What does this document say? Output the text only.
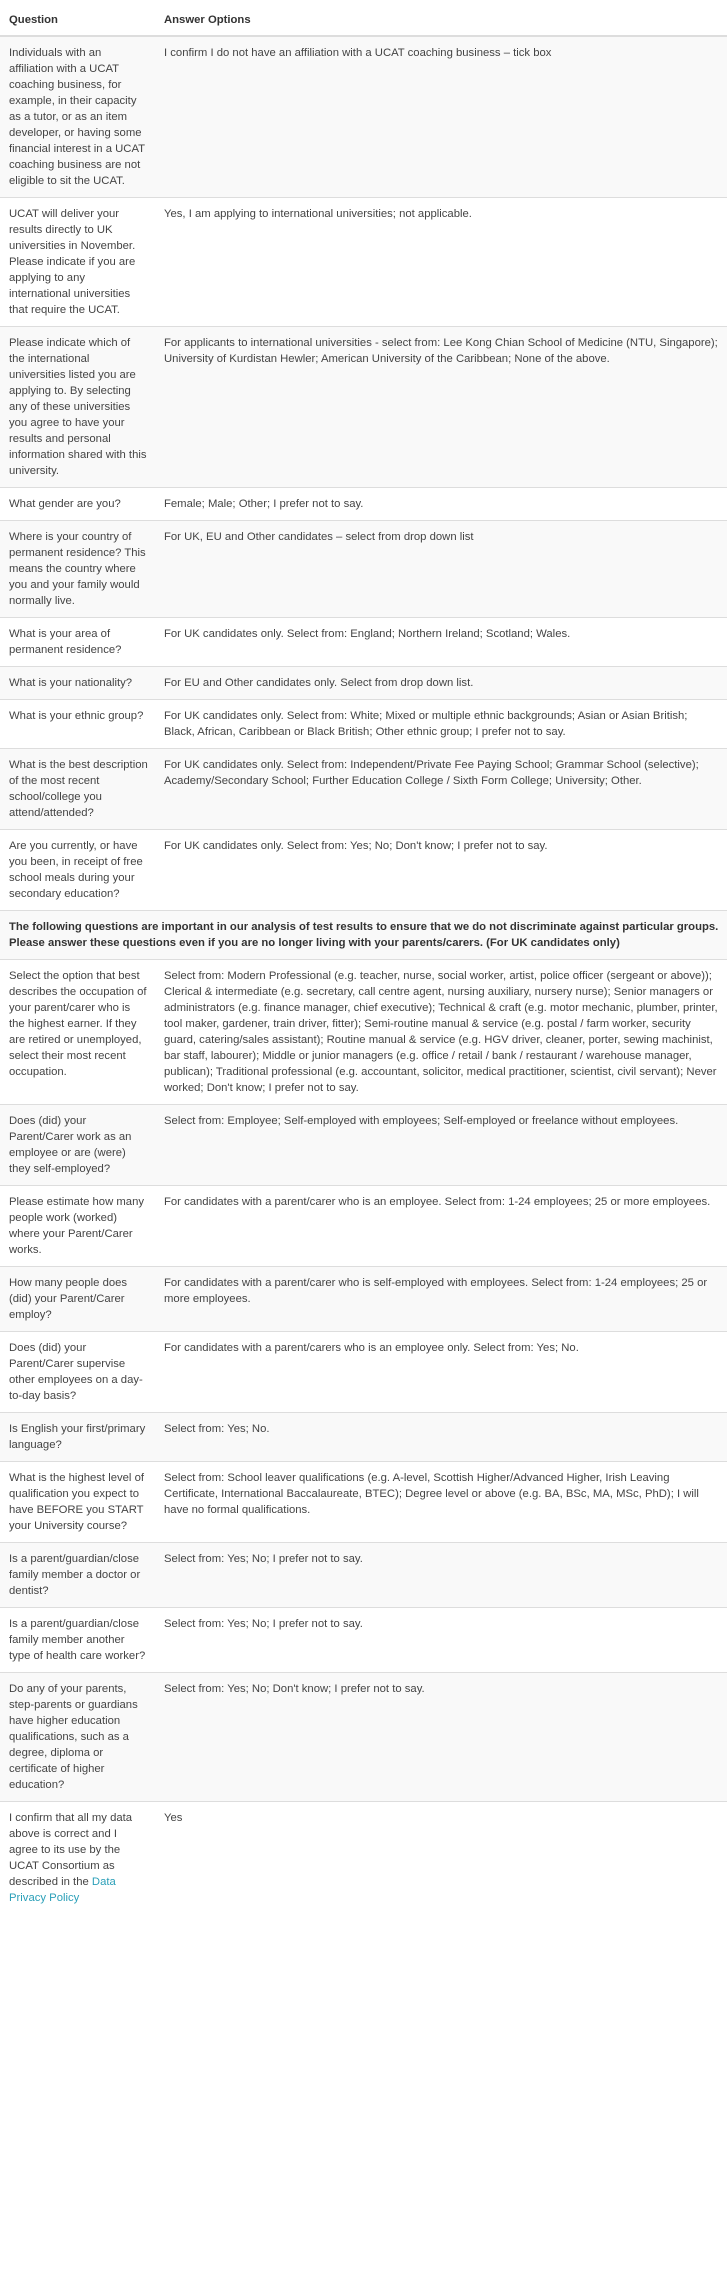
Question	Answer Options
Individuals with an affiliation with a UCAT coaching business, for example, in their capacity as a tutor, or as an item developer, or having some financial interest in a UCAT coaching business are not eligible to sit the UCAT.	I confirm I do not have an affiliation with a UCAT coaching business – tick box
UCAT will deliver your results directly to UK universities in November. Please indicate if you are applying to any international universities that require the UCAT.	Yes, I am applying to international universities; not applicable.
Please indicate which of the international universities listed you are applying to. By selecting any of these universities you agree to have your results and personal information shared with this university.	For applicants to international universities - select from: Lee Kong Chian School of Medicine (NTU, Singapore); University of Kurdistan Hewler; American University of the Caribbean; None of the above.
What gender are you?	Female; Male; Other; I prefer not to say.
Where is your country of permanent residence? This means the country where you and your family would normally live.	For UK, EU and Other candidates – select from drop down list
What is your area of permanent residence?	For UK candidates only. Select from: England; Northern Ireland; Scotland; Wales.
What is your nationality?	For EU and Other candidates only. Select from drop down list.
What is your ethnic group?	For UK candidates only. Select from: White; Mixed or multiple ethnic backgrounds; Asian or Asian British; Black, African, Caribbean or Black British; Other ethnic group; I prefer not to say.
What is the best description of the most recent school/college you attend/attended?	For UK candidates only. Select from: Independent/Private Fee Paying School; Grammar School (selective); Academy/Secondary School; Further Education College / Sixth Form College; University; Other.
Are you currently, or have you been, in receipt of free school meals during your secondary education?	For UK candidates only. Select from: Yes; No; Don't know; I prefer not to say.
The following questions are important in our analysis of test results to ensure that we do not discriminate against particular groups. Please answer these questions even if you are no longer living with your parents/carers. (For UK candidates only)	
Select the option that best describes the occupation of your parent/carer who is the highest earner. If they are retired or unemployed, select their most recent occupation.	Select from: Modern Professional (e.g. teacher, nurse, social worker, artist, police officer (sergeant or above)); Clerical & intermediate (e.g. secretary, call centre agent, nursing auxiliary, nursery nurse); Senior managers or administrators (e.g. finance manager, chief executive); Technical & craft (e.g. motor mechanic, plumber, printer, tool maker, gardener, train driver, fitter); Semi-routine manual & service (e.g. postal / farm worker, security guard, catering/sales assistant); Routine manual & service (e.g. HGV driver, cleaner, porter, sewing machinist, bar staff, labourer); Middle or junior managers (e.g. office / retail / bank / restaurant / warehouse manager, publican); Traditional professional (e.g. accountant, solicitor, medical practitioner, scientist, civil servant); Never worked; Don't know; I prefer not to say.
Does (did) your Parent/Carer work as an employee or are (were) they self-employed?	Select from: Employee; Self-employed with employees; Self-employed or freelance without employees.
Please estimate how many people work (worked) where your Parent/Carer works.	For candidates with a parent/carer who is an employee. Select from: 1-24 employees; 25 or more employees.
How many people does (did) your Parent/Carer employ?	For candidates with a parent/carer who is self-employed with employees. Select from: 1-24 employees; 25 or more employees.
Does (did) your Parent/Carer supervise other employees on a day-to-day basis?	For candidates with a parent/carers who is an employee only. Select from: Yes; No.
Is English your first/primary language?	Select from: Yes; No.
What is the highest level of qualification you expect to have BEFORE you START your University course?	Select from: School leaver qualifications (e.g. A-level, Scottish Higher/Advanced Higher, Irish Leaving Certificate, International Baccalaureate, BTEC); Degree level or above (e.g. BA, BSc, MA, MSc, PhD); I will have no formal qualifications.
Is a parent/guardian/close family member a doctor or dentist?	Select from: Yes; No; I prefer not to say.
Is a parent/guardian/close family member another type of health care worker?	Select from: Yes; No; I prefer not to say.
Do any of your parents, step-parents or guardians have higher education qualifications, such as a degree, diploma or certificate of higher education?	Select from: Yes; No; Don't know; I prefer not to say.
I confirm that all my data above is correct and I agree to its use by the UCAT Consortium as described in the Data Privacy Policy	Yes
